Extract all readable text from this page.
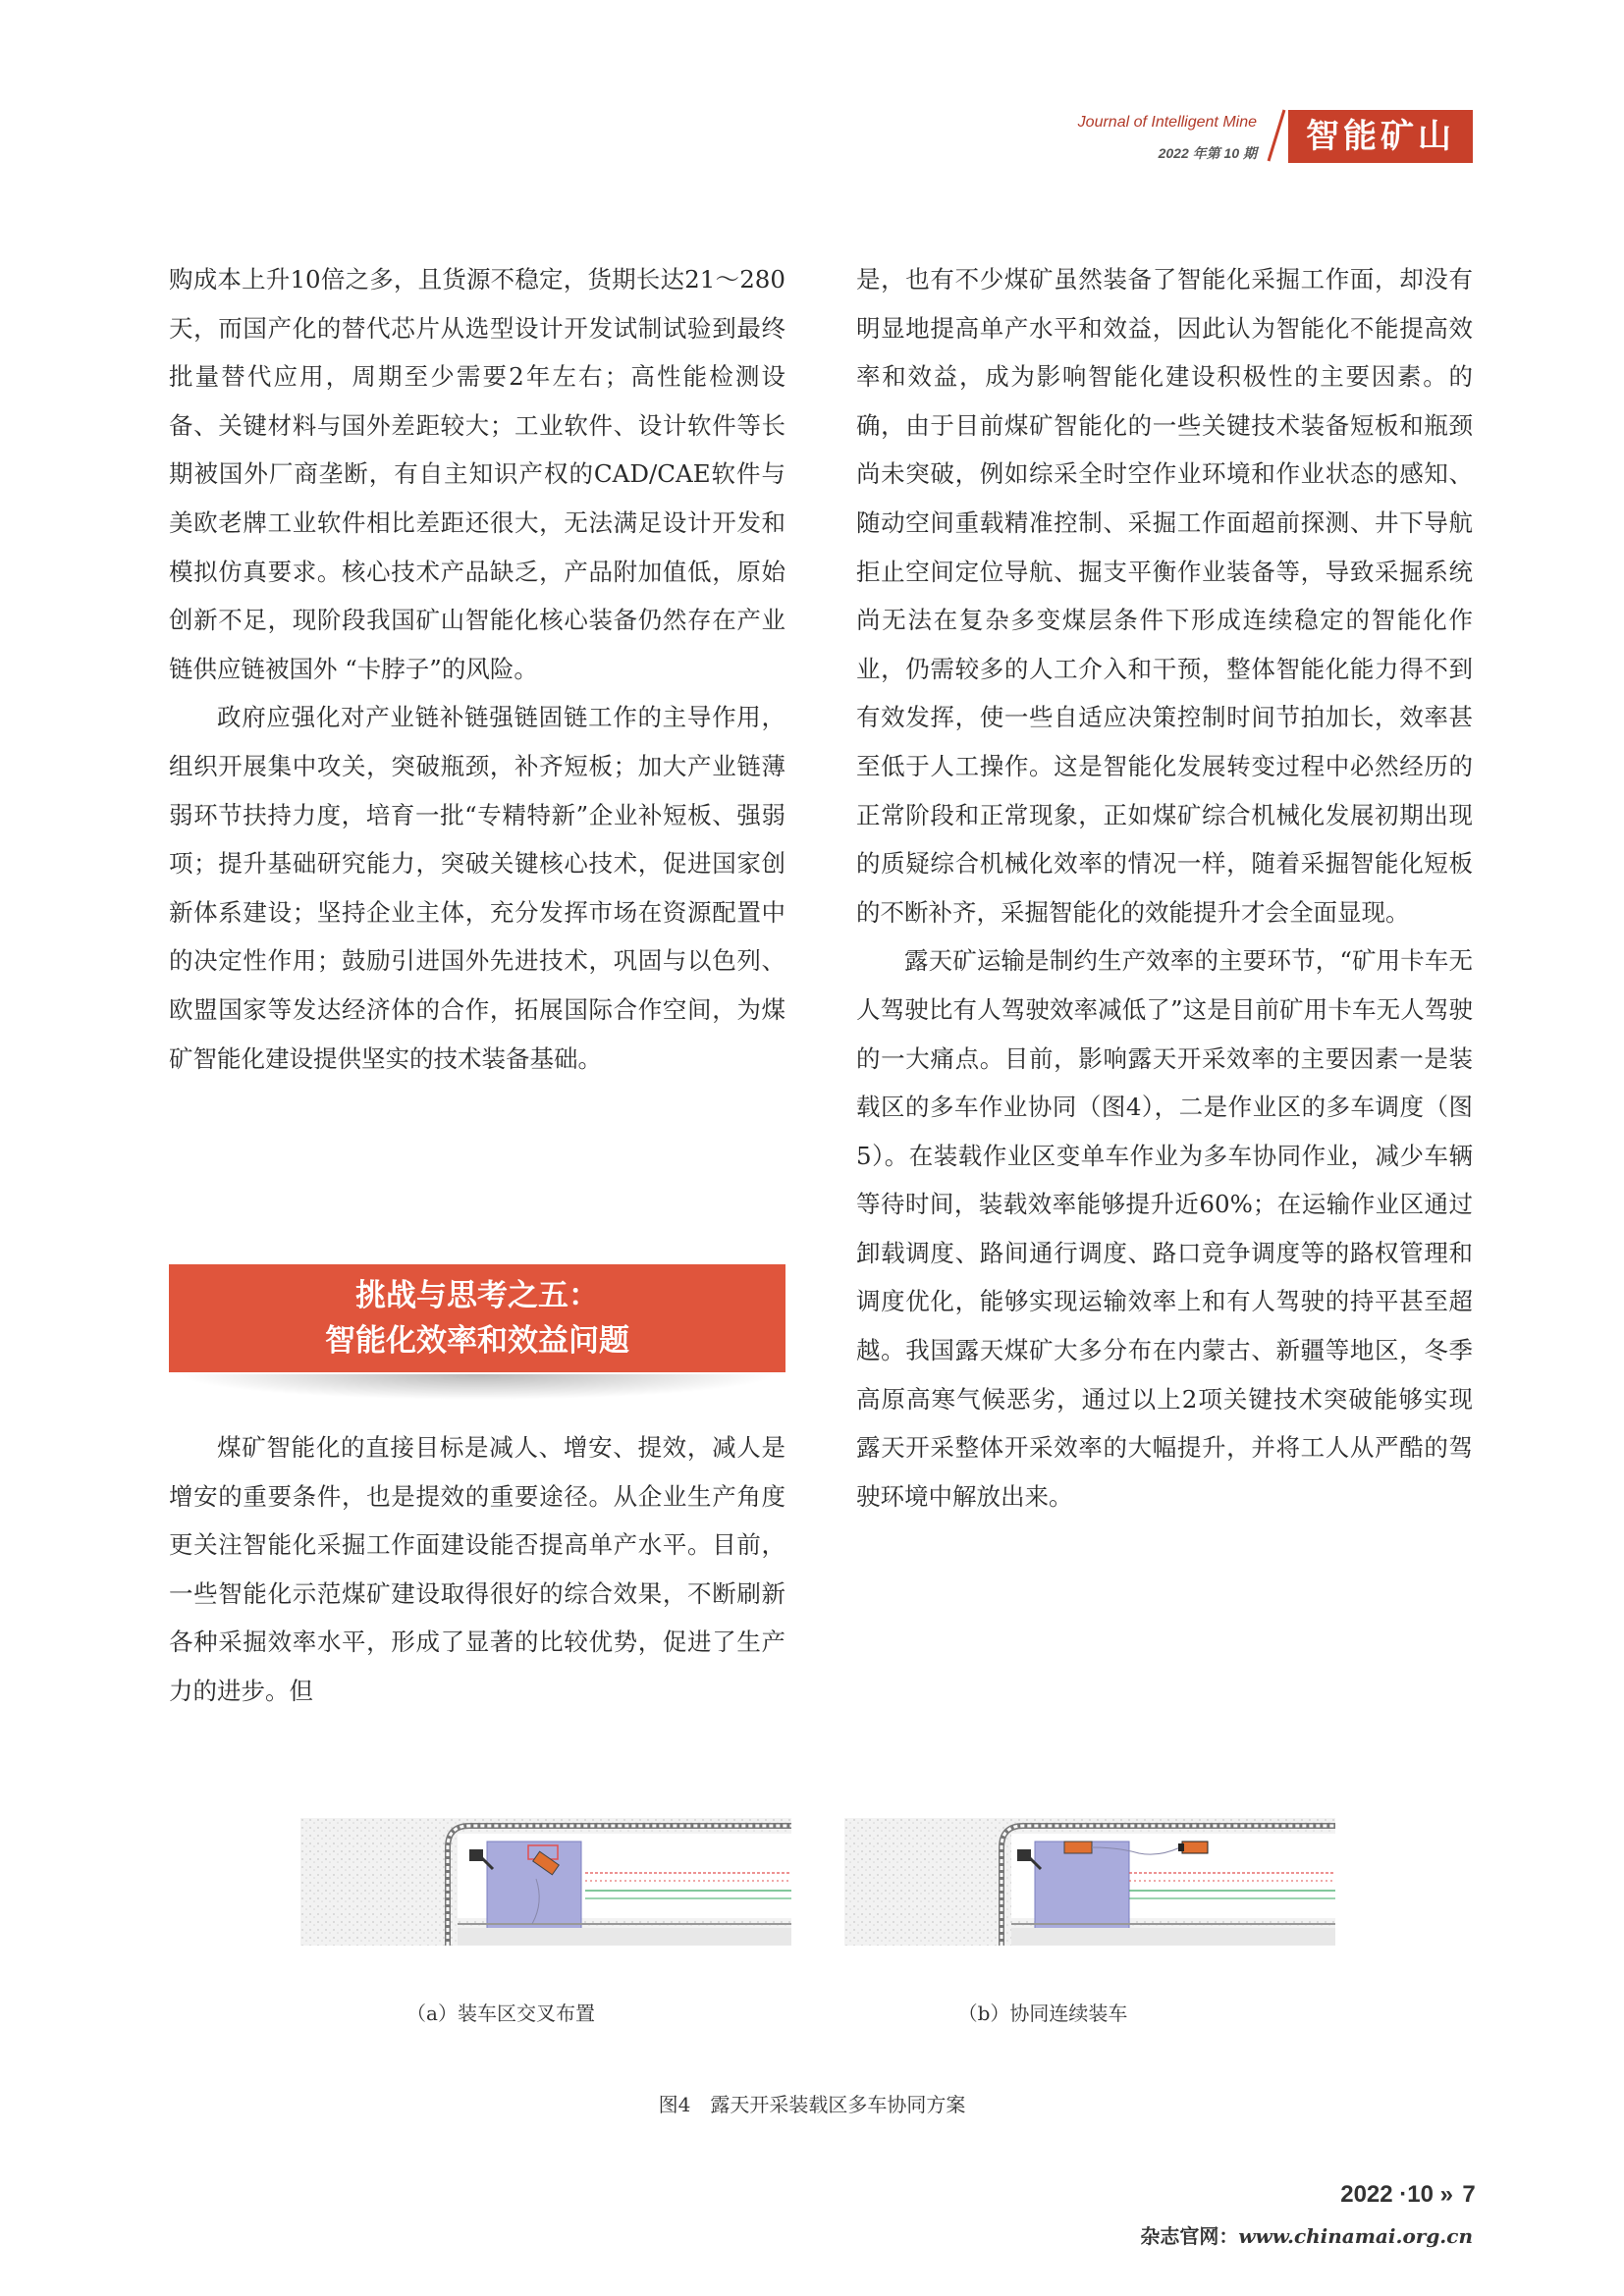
Journal of Intelligent Mine
2022 年第 10 期	智能矿山

购成本上升10倍之多，且货源不稳定，货期长达21～280天，而国产化的替代芯片从选型设计开发试制试验到最终批量替代应用，周期至少需要2年左右；高性能检测设备、关键材料与国外差距较大；工业软件、设计软件等长期被国外厂商垄断，有自主知识产权的CAD/CAE软件与美欧老牌工业软件相比差距还很大，无法满足设计开发和模拟仿真要求。核心技术产品缺乏，产品附加值低，原始创新不足，现阶段我国矿山智能化核心装备仍然存在产业链供应链被国外 “卡脖子”的风险。

政府应强化对产业链补链强链固链工作的主导作用，组织开展集中攻关，突破瓶颈，补齐短板；加大产业链薄弱环节扶持力度，培育一批“专精特新”企业补短板、强弱项；提升基础研究能力，突破关键核心技术，促进国家创新体系建设；坚持企业主体，充分发挥市场在资源配置中的决定性作用；鼓励引进国外先进技术，巩固与以色列、欧盟国家等发达经济体的合作，拓展国际合作空间，为煤矿智能化建设提供坚实的技术装备基础。

挑战与思考之五：
智能化效率和效益问题

煤矿智能化的直接目标是减人、增安、提效，减人是增安的重要条件，也是提效的重要途径。从企业生产角度更关注智能化采掘工作面建设能否提高单产水平。目前，一些智能化示范煤矿建设取得很好的综合效果，不断刷新各种采掘效率水平，形成了显著的比较优势，促进了生产力的进步。但

是，也有不少煤矿虽然装备了智能化采掘工作面，却没有明显地提高单产水平和效益，因此认为智能化不能提高效率和效益，成为影响智能化建设积极性的主要因素。的确，由于目前煤矿智能化的一些关键技术装备短板和瓶颈尚未突破，例如综采全时空作业环境和作业状态的感知、随动空间重载精准控制、采掘工作面超前探测、井下导航拒止空间定位导航、掘支平衡作业装备等，导致采掘系统尚无法在复杂多变煤层条件下形成连续稳定的智能化作业，仍需较多的人工介入和干预，整体智能化能力得不到有效发挥，使一些自适应决策控制时间节拍加长，效率甚至低于人工操作。这是智能化发展转变过程中必然经历的正常阶段和正常现象，正如煤矿综合机械化发展初期出现的质疑综合机械化效率的情况一样，随着采掘智能化短板的不断补齐，采掘智能化的效能提升才会全面显现。

露天矿运输是制约生产效率的主要环节，“矿用卡车无人驾驶比有人驾驶效率减低了”这是目前矿用卡车无人驾驶的一大痛点。目前，影响露天开采效率的主要因素一是装载区的多车作业协同（图4），二是作业区的多车调度（图5）。在装载作业区变单车作业为多车协同作业，减少车辆等待时间，装载效率能够提升近60%；在运输作业区通过卸载调度、路间通行调度、路口竞争调度等的路权管理和调度优化，能够实现运输效率上和有人驾驶的持平甚至超越。我国露天煤矿大多分布在内蒙古、新疆等地区，冬季高原高寒气候恶劣，通过以上2项关键技术突破能够实现露天开采整体开采效率的大幅提升，并将工人从严酷的驾驶环境中解放出来。

（a）装车区交叉布置	（b）协同连续装车
图4　露天开采装载区多车协同方案
2022 ·10 » 7
杂志官网：www.chinamai.org.cn
